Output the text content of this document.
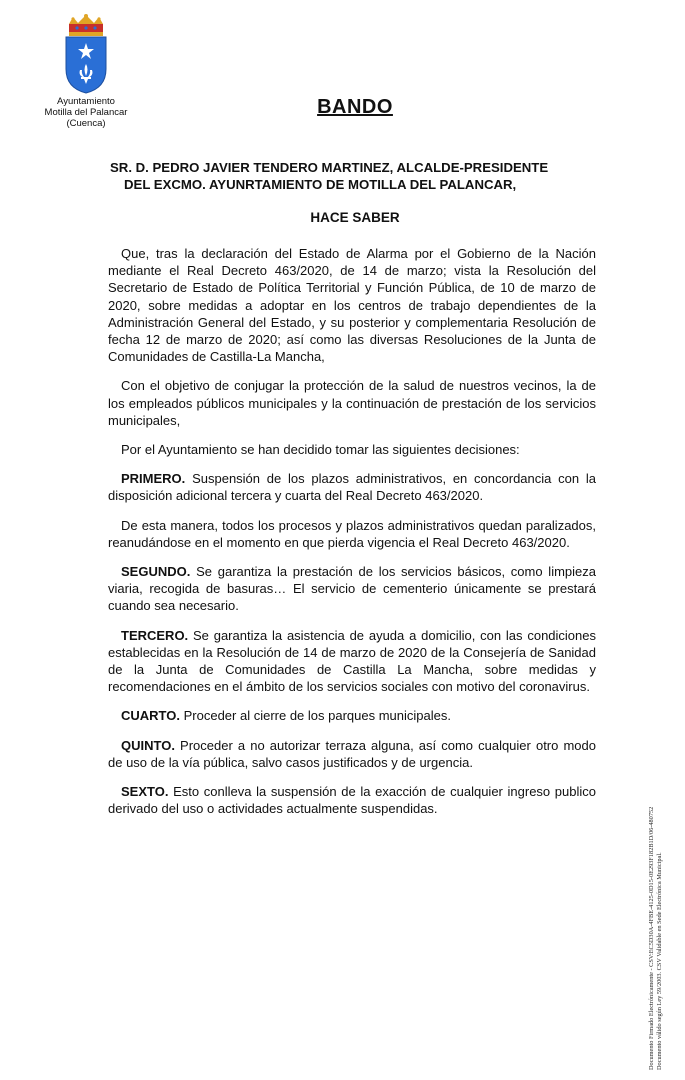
Ayuntamiento
Motilla del Palancar
(Cuenca)
BANDO
SR. D. PEDRO JAVIER TENDERO MARTINEZ, ALCALDE-PRESIDENTE
DEL EXCMO. AYUNRTAMIENTO DE MOTILLA DEL PALANCAR,
HACE SABER

Que, tras la declaración del Estado de Alarma por el Gobierno de la Nación mediante el Real Decreto 463/2020, de 14 de marzo; vista la Resolución del Secretario de Estado de Política Territorial y Función Pública, de 10 de marzo de 2020, sobre medidas a adoptar en los centros de trabajo dependientes de la Administración General del Estado, y su posterior y complementaria Resolución de fecha 12 de marzo de 2020; así como las diversas Resoluciones de la Junta de Comunidades de Castilla-La Mancha,

Con el objetivo de conjugar la protección de la salud de nuestros vecinos, la de los empleados públicos municipales y la continuación de prestación de los servicios municipales,

Por el Ayuntamiento se han decidido tomar las siguientes decisiones:

PRIMERO. Suspensión de los plazos administrativos, en concordancia con la disposición adicional tercera y cuarta del Real Decreto 463/2020.

De esta manera, todos los procesos y plazos administrativos quedan paralizados, reanudándose en el momento en que pierda vigencia el Real Decreto 463/2020.

SEGUNDO. Se garantiza la prestación de los servicios básicos, como limpieza viaria, recogida de basuras… El servicio de cementerio únicamente se prestará cuando sea necesario.

TERCERO. Se garantiza la asistencia de ayuda a domicilio, con las condiciones establecidas en la Resolución de 14 de marzo de 2020 de la Consejería de Sanidad de la Junta de Comunidades de Castilla La Mancha, sobre medidas y recomendaciones en el ámbito de los servicios sociales con motivo del coronavirus.

CUARTO. Proceder al cierre de los parques municipales.

QUINTO. Proceder a no autorizar terraza alguna, así como cualquier otro modo de uso de la vía pública, salvo casos justificados y de urgencia.

SEXTO. Esto conlleva la suspensión de la exacción de cualquier ingreso publico derivado del uso o actividades actualmente suspendidas.	Documento Firmado Electrónicamente - CSV:EC5D30A-4FBE-4125-0D15-0E293F182B1D/06-480752 Documento válido según Ley 59/2003. CSV Validable en Sede Electrónica Municipal.
